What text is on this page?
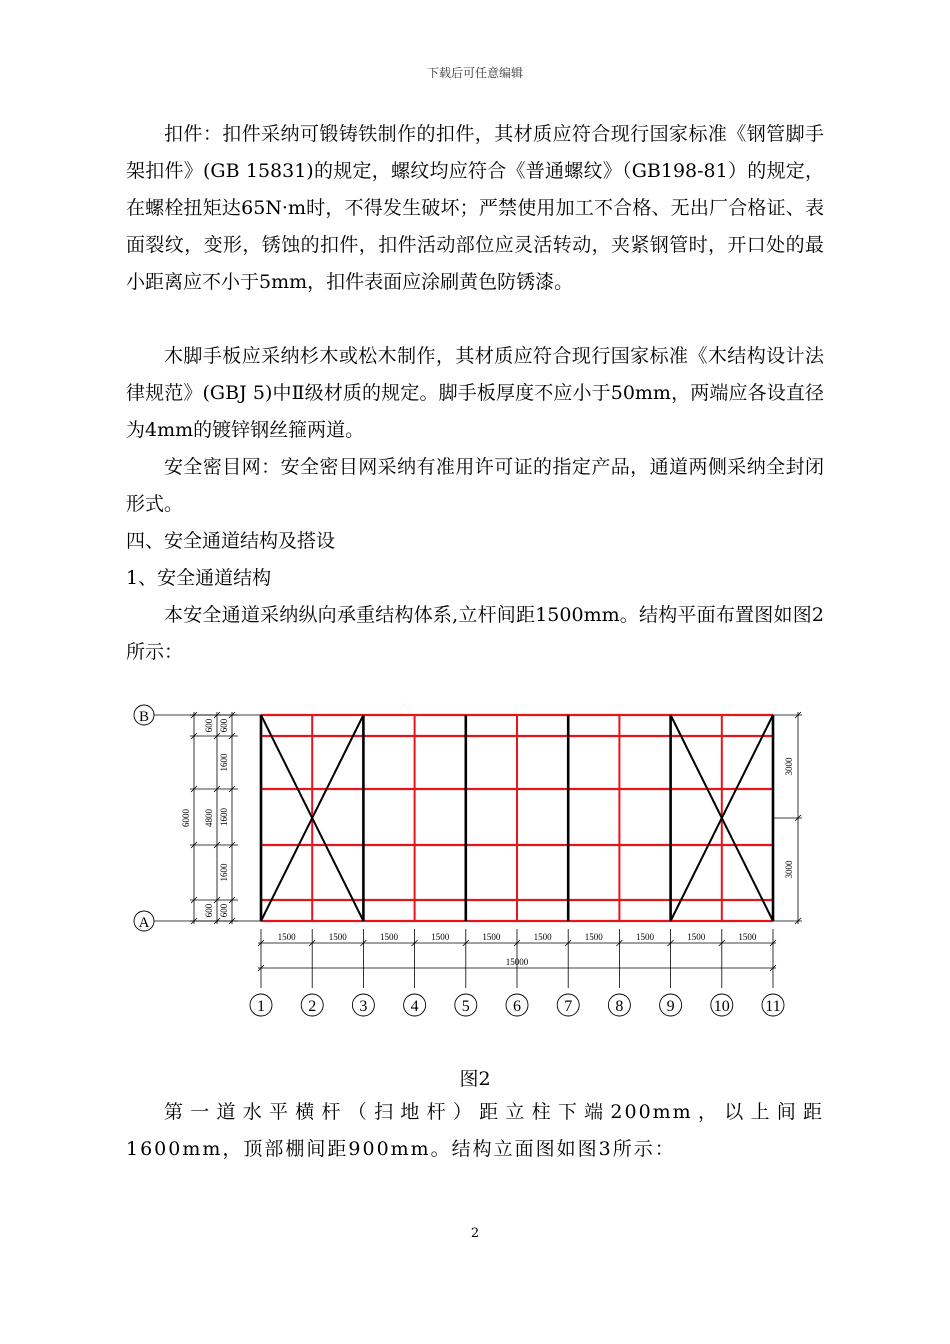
下载后可任意编辑

扣件：扣件采纳可锻铸铁制作的扣件，其材质应符合现行国家标准《钢管脚手架扣件》(GB 15831)的规定，螺纹均应符合《普通螺纹》（GB198-81）的规定，在螺栓扭矩达65N·m时，不得发生破坏；严禁使用加工不合格、无出厂合格证、表面裂纹，变形，锈蚀的扣件，扣件活动部位应灵活转动，夹紧钢管时，开口处的最小距离应不小于5mm，扣件表面应涂刷黄色防锈漆。

木脚手板应采纳杉木或松木制作，其材质应符合现行国家标准《木结构设计法律规范》(GBJ 5)中Ⅱ级材质的规定。脚手板厚度不应小于50mm，两端应各设直径为4mm的镀锌钢丝箍两道。

安全密目网：安全密目网采纳有准用许可证的指定产品，通道两侧采纳全封闭形式。

四、安全通道结构及搭设

1、安全通道结构

本安全通道采纳纵向承重结构体系,立杆间距1500mm。结构平面布置图如图2所示：

B
A
6000 4800
600
600
600
1600
1600
1600
600
3000
3000
1500	1500	1500	1500	1500	1500	1500	1500	1500	1500
15000
1	2	3	4	5	6	7	8	9 10 11
图2

第一道水平横杆（扫地杆）距立柱下端200mm，以上间距1600mm，顶部棚间距900mm。结构立面图如图3所示：

2
